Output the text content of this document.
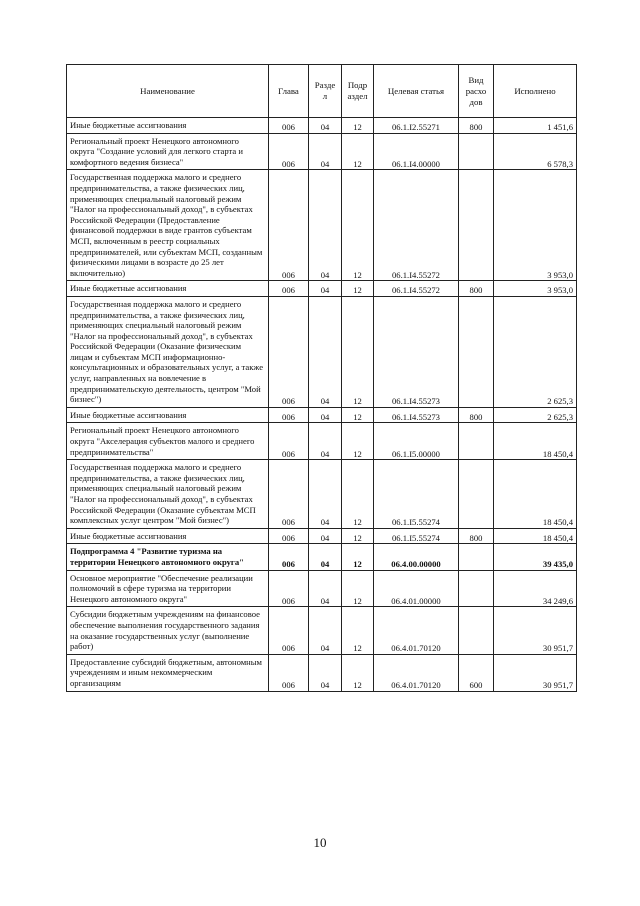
Наименование	Глава	Разде л	Подр аздел	Целевая статья	Вид расхо дов	Исполнено
Иные бюджетные ассигнования	006	04	12	06.1.I2.55271	800	1 451,6
Региональный проект Ненецкого автономного округа "Создание условий для легкого старта и комфортного ведения бизнеса"	006	04	12	06.1.I4.00000		6 578,3
Государственная поддержка малого и среднего предпринимательства, а также физических лиц, применяющих специальный налоговый режим "Налог на профессиональный доход", в субъектах Российской Федерации (Предоставление финансовой поддержки в виде грантов субъектам МСП, включенным в реестр социальных предпринимателей, или субъектам МСП, созданным физическими лицами в возрасте до 25 лет включительно)	006	04	12	06.1.I4.55272		3 953,0
Иные бюджетные ассигнования	006	04	12	06.1.I4.55272	800	3 953,0
Государственная поддержка малого и среднего предпринимательства, а также физических лиц, применяющих специальный налоговый режим "Налог на профессиональный доход", в субъектах Российской Федерации (Оказание физическим лицам и субъектам МСП информационно-консультационных и образовательных услуг, а также услуг, направленных на вовлечение в предпринимательскую деятельность, центром "Мой бизнес")	006	04	12	06.1.I4.55273		2 625,3
Иные бюджетные ассигнования	006	04	12	06.1.I4.55273	800	2 625,3
Региональный проект Ненецкого автономного округа "Акселерация субъектов малого и среднего предпринимательства"	006	04	12	06.1.I5.00000		18 450,4
Государственная поддержка малого и среднего предпринимательства, а также физических лиц, применяющих специальный налоговый режим "Налог на профессиональный доход", в субъектах Российской Федерации (Оказание субъектам МСП комплексных услуг центром "Мой бизнес")	006	04	12	06.1.I5.55274		18 450,4
Иные бюджетные ассигнования	006	04	12	06.1.I5.55274	800	18 450,4
Подпрограмма 4 "Развитие туризма на территории Ненецкого автономного округа"	006	04	12	06.4.00.00000		39 435,0
Основное мероприятие "Обеспечение реализации полномочий в сфере туризма на территории Ненецкого автономного округа"	006	04	12	06.4.01.00000		34 249,6
Субсидии бюджетным учреждениям на финансовое обеспечение выполнения государственного задания на оказание государственных услуг (выполнение работ)	006	04	12	06.4.01.70120		30 951,7
Предоставление субсидий бюджетным, автономным учреждениям и иным некоммерческим организациям	006	04	12	06.4.01.70120	600	30 951,7
10
